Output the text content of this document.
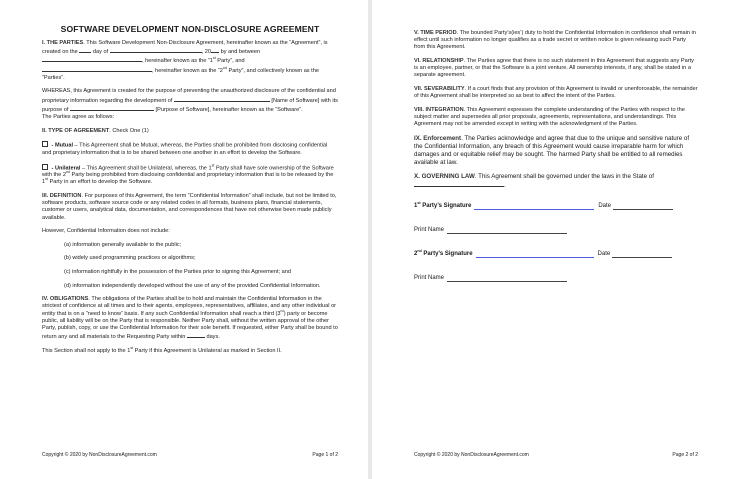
SOFTWARE DEVELOPMENT NON-DISCLOSURE AGREEMENT

I. THE PARTIES. This Software Development Non-Disclosure Agreement, hereinafter known as the “Agreement”, is created on the  day of	, 20 by and between , hereinafter known as the “1st Party”, and , hereinafter known as the “2nd Party”, and collectively known as the “Parties”.

WHEREAS, this Agreement is created for the purpose of preventing the unauthorized disclosure of the confidential and proprietary information regarding the development of	[Name of Software] with its purpose of	[Purpose of Software], hereinafter known as the “Software”.
The Parties agree as follows:

II. TYPE OF AGREEMENT. Check One (1)

- Mutual – This Agreement shall be Mutual, whereas, the Parties shall be prohibited from disclosing confidential and proprietary information that is to be shared between one another in an effort to develop the Software.

- Unilateral – This Agreement shall be Unilateral, whereas, the 1st Party shall have sole ownership of the Software with the 2nd Party being prohibited from disclosing confidential and proprietary information that is to be released by the 1st Party in an effort to develop the Software.

III. DEFINITION. For purposes of this Agreement, the term “Confidential Information” shall include, but not be limited to, software products, software source code or any related codes in all formats, business plans, financial statements, customer or users, analytical data, documentation, and correspondences that have not otherwise been made publicly available.

However, Confidential Information does not include:

(a) information generally available to the public;

(b) widely used programming practices or algorithms;

(c) information rightfully in the possession of the Parties prior to signing this Agreement; and

(d) information independently developed without the use of any of the provided Confidential Information.

IV. OBLIGATIONS. The obligations of the Parties shall be to hold and maintain the Confidential Information in the strictest of confidence at all times and to their agents, employees, representatives, affiliates, and any other individual or entity that is on a “need to know” basis. If any such Confidential Information shall reach a third (3rd) party or become public, all liability will be on the Party that is responsible. Neither Party shall, without the written approval of the other Party, publish, copy, or use the Confidential Information for their sole benefit. If requested, either Party shall be bound to return any and all materials to the Requesting Party within	days.

This Section shall not apply to the 1st Party if this Agreement is Unilateral as marked in Section II.

Copyright © 2020 by NonDisclosureAgreement.com	Page 1 of 2

V. TIME PERIOD. The bounded Party’s(ies’) duty to hold the Confidential Information in confidence shall remain in effect until such information no longer qualifies as a trade secret or written notice is given releasing such Party from this Agreement.

VI. RELATIONSHIP. The Parties agree that there is no such statement in this Agreement that suggests any Party is an employee, partner, or that the Software is a joint venture. All ownership interests, if any, shall be stated in a separate agreement.

VII. SEVERABILITY. If a court finds that any provision of this Agreement is invalid or unenforceable, the remainder of this Agreement shall be interpreted so as best to affect the intent of the Parties.

VIII. INTEGRATION. This Agreement expresses the complete understanding of the Parties with respect to the subject matter and supersedes all prior proposals, agreements, representations, and understandings. This Agreement may not be amended except in writing with the acknowledgment of the Parties.

IX. Enforcement. The Parties acknowledge and agree that due to the unique and sensitive nature of the Confidential Information, any breach of this Agreement would cause irreparable harm for which damages and or equitable relief may be sought. The harmed Party shall be entitled to all remedies available at law.

X. GOVERNING LAW. This Agreement shall be governed under the laws in the State of .

1st Party’s Signature	Date
Print Name
2nd Party’s Signature	Date
Print Name
Copyright © 2020 by NonDisclosureAgreement.com	Page 2 of 2
